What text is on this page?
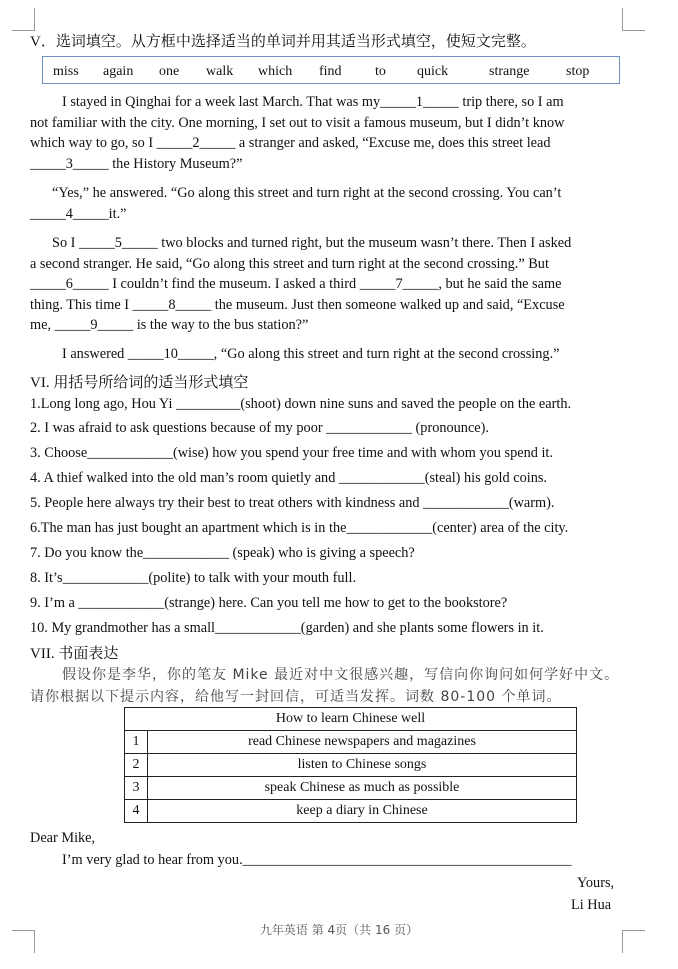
V．选词填空。从方框中选择适当的单词并用其适当形式填空，使短文完整。
miss again one walk which find to quick	strange	stop
I stayed in Qinghai for a week last March. That was my_____1_____ trip there, so I am
not familiar with the city. One morning, I set out to visit a famous museum, but I didn’t know
which way to go, so I _____2_____ a stranger and asked, “Excuse me, does this street lead
_____3_____ the History Museum?”
“Yes,” he answered. “Go along this street and turn right at the second crossing. You can’t
_____4_____it.”
So I _____5_____ two blocks and turned right, but the museum wasn’t there. Then I asked
a second stranger. He said, “Go along this street and turn right at the second crossing.” But
_____6_____ I couldn’t find the museum. I asked a third _____7_____, but he said the same
thing. This time I _____8_____ the museum. Just then someone walked up and said, “Excuse
me, _____9_____ is the way to the bus station?”
I answered _____10_____, “Go along this street and turn right at the second crossing.”
VI. 用括号所给词的适当形式填空
1.Long long ago, Hou Yi _________(shoot) down nine suns and saved the people on the earth.
2. I was afraid to ask questions because of my poor ____________ (pronounce).
3. Choose____________(wise) how you spend your free time and with whom you spend it.
4. A thief walked into the old man’s room quietly and ____________(steal) his gold coins.
5. People here always try their best to treat others with kindness and ____________(warm).
6.The man has just bought an apartment which is in the____________(center) area of the city.
7. Do you know the____________ (speak) who is giving a speech?
8. It’s____________(polite) to talk with your mouth full.
9. I’m a ____________(strange) here. Can you tell me how to get to the bookstore?
10. My grandmother has a small____________(garden) and she plants some flowers in it.
VII. 书面表达
假设你是李华，你的笔友 Mike 最近对中文很感兴趣，写信向你询问如何学好中文。
请你根据以下提示内容，给他写一封回信，可适当发挥。词数 80-100 个单词。
How to learn Chinese well	
1	read Chinese newspapers and magazines
2	listen to Chinese songs
3	speak Chinese as much as possible
4	keep a diary in Chinese
Dear Mike,
I’m very glad to hear from you.______________________________________________
Yours,
Li Hua
九年英语 第 4页（共 16 页）
